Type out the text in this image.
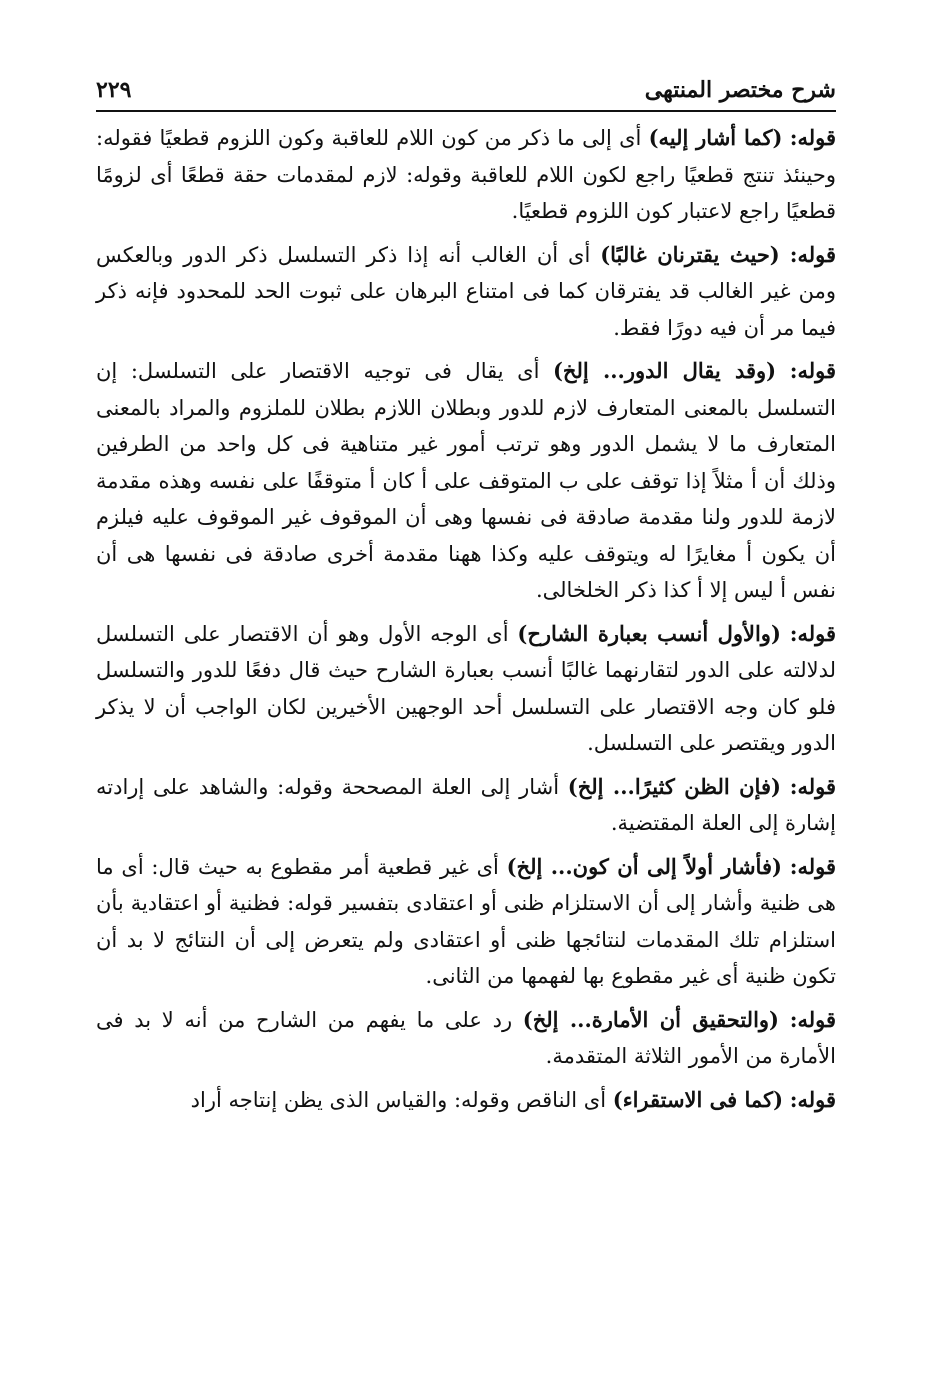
شرح مختصر المنتهى
٢٢٩

قوله: (كما أشار إليه) أى إلى ما ذكر من كون اللام للعاقبة وكون اللزوم قطعيًا فقوله: وحينئذ تنتج قطعيًا راجع لكون اللام للعاقبة وقوله: لازم لمقدمات حقة قطعًا أى لزومًا قطعيًا راجع لاعتبار كون اللزوم قطعيًا.

قوله: (حيث يقترنان غالبًا) أى أن الغالب أنه إذا ذكر التسلسل ذكر الدور وبالعكس ومن غير الغالب قد يفترقان كما فى امتناع البرهان على ثبوت الحد للمحدود فإنه ذكر فيما مر أن فيه دورًا فقط.

قوله: (وقد يقال الدور... إلخ) أى يقال فى توجيه الاقتصار على التسلسل: إن التسلسل بالمعنى المتعارف لازم للدور وبطلان اللازم بطلان للملزوم والمراد بالمعنى المتعارف ما لا يشمل الدور وهو ترتب أمور غير متناهية فى كل واحد من الطرفين وذلك أن أ مثلاً إذا توقف على ب المتوقف على أ كان أ متوقفًا على نفسه وهذه مقدمة لازمة للدور ولنا مقدمة صادقة فى نفسها وهى أن الموقوف غير الموقوف عليه فيلزم أن يكون أ مغايرًا له ويتوقف عليه وكذا ههنا مقدمة أخرى صادقة فى نفسها هى أن نفس أ ليس إلا أ كذا ذكر الخلخالى.

قوله: (والأول أنسب بعبارة الشارح) أى الوجه الأول وهو أن الاقتصار على التسلسل لدلالته على الدور لتقارنهما غالبًا أنسب بعبارة الشارح حيث قال دفعًا للدور والتسلسل فلو كان وجه الاقتصار على التسلسل أحد الوجهين الأخيرين لكان الواجب أن لا يذكر الدور ويقتصر على التسلسل.

قوله: (فإن الظن كثيرًا... إلخ) أشار إلى العلة المصححة وقوله: والشاهد على إرادته إشارة إلى العلة المقتضية.

قوله: (فأشار أولاً إلى أن كون... إلخ) أى غير قطعية أمر مقطوع به حيث قال: أى ما هى ظنية وأشار إلى أن الاستلزام ظنى أو اعتقادى بتفسير قوله: فظنية أو اعتقادية بأن استلزام تلك المقدمات لنتائجها ظنى أو اعتقادى ولم يتعرض إلى أن النتائج لا بد أن تكون ظنية أى غير مقطوع بها لفهمها من الثانى.

قوله: (والتحقيق أن الأمارة... إلخ) رد على ما يفهم من الشارح من أنه لا بد فى الأمارة من الأمور الثلاثة المتقدمة.

قوله: (كما فى الاستقراء) أى الناقص وقوله: والقياس الذى يظن إنتاجه أراد
